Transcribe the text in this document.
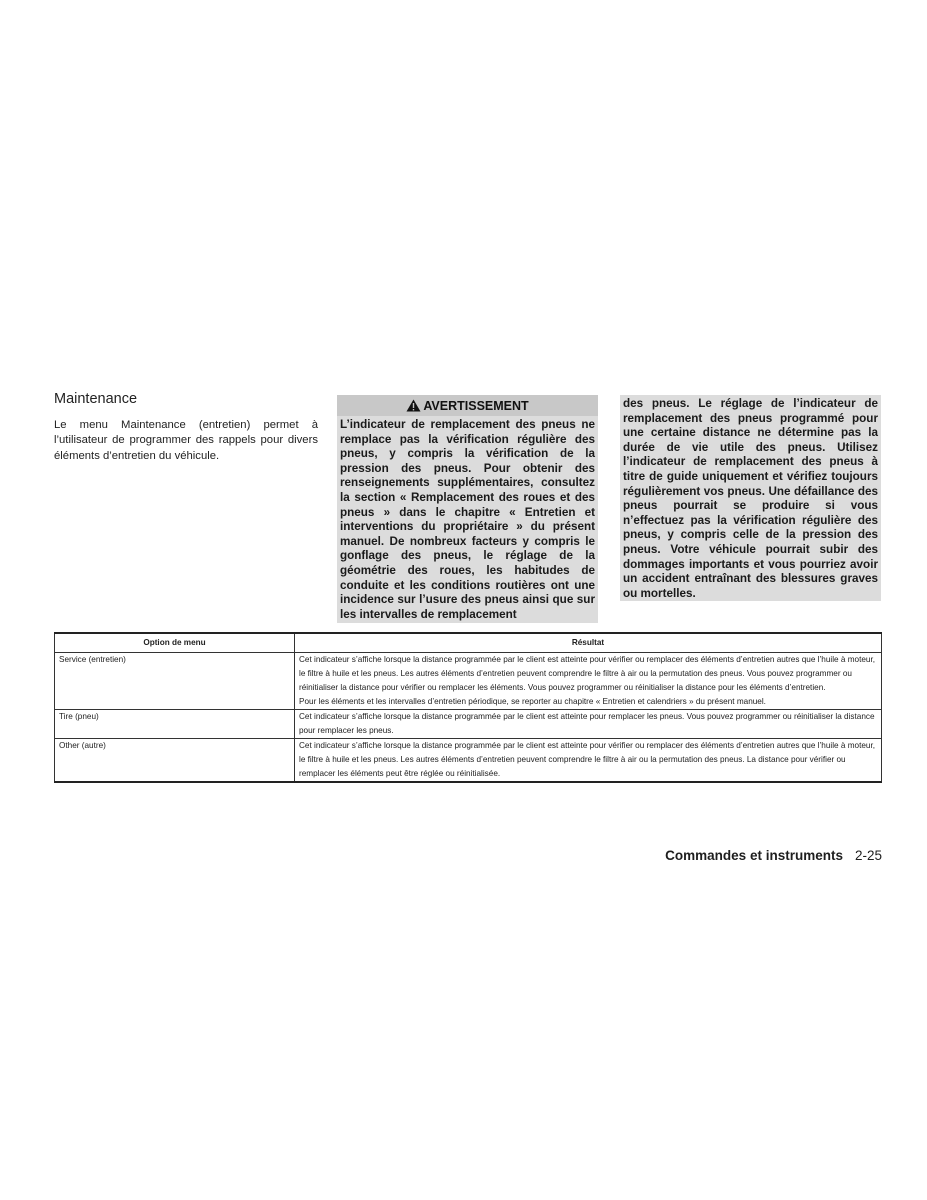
Maintenance
Le menu Maintenance (entretien) permet à l’utilisateur de programmer des rappels pour divers éléments d’entretien du véhicule.
AVERTISSEMENT
L’indicateur de remplacement des pneus ne remplace pas la vérification régulière des pneus, y compris la vérification de la pression des pneus. Pour obtenir des renseignements supplémentaires, consultez la section « Remplacement des roues et des pneus » dans le chapitre « Entretien et interventions du propriétaire » du présent manuel. De nombreux facteurs y compris le gonflage des pneus, le réglage de la géométrie des roues, les habitudes de conduite et les conditions routières ont une incidence sur l’usure des pneus ainsi que sur les intervalles de remplacement
des pneus. Le réglage de l’indicateur de remplacement des pneus programmé pour une certaine distance ne détermine pas la durée de vie utile des pneus. Utilisez l’indicateur de remplacement des pneus à titre de guide uniquement et vérifiez toujours régulièrement vos pneus. Une défaillance des pneus pourrait se produire si vous n’effectuez pas la vérification régulière des pneus, y compris celle de la pression des pneus. Votre véhicule pourrait subir des dommages importants et vous pourriez avoir un accident entraînant des blessures graves ou mortelles.
Option de menu	Résultat
Service (entretien)	Cet indicateur s’affiche lorsque la distance programmée par le client est atteinte pour vérifier ou remplacer des éléments d’entretien autres que l’huile à moteur, le filtre à huile et les pneus. Les autres éléments d’entretien peuvent comprendre le filtre à air ou la permutation des pneus. Vous pouvez programmer ou réinitialiser la distance pour vérifier ou remplacer les éléments. Vous pouvez programmer ou réinitialiser la distance pour les éléments d’entretien.
Pour les éléments et les intervalles d’entretien périodique, se reporter au chapitre « Entretien et calendriers » du présent manuel.

Tire (pneu)	Cet indicateur s’affiche lorsque la distance programmée par le client est atteinte pour remplacer les pneus. Vous pouvez programmer ou réinitialiser la distance pour remplacer les pneus.
Other (autre)	Cet indicateur s’affiche lorsque la distance programmée par le client est atteinte pour vérifier ou remplacer des éléments d’entretien autres que l’huile à moteur, le filtre à huile et les pneus. Les autres éléments d’entretien peuvent comprendre le filtre à air ou la permutation des pneus. La distance pour vérifier ou remplacer les éléments peut être réglée ou réinitialisée.
Commandes et instruments 2-25
